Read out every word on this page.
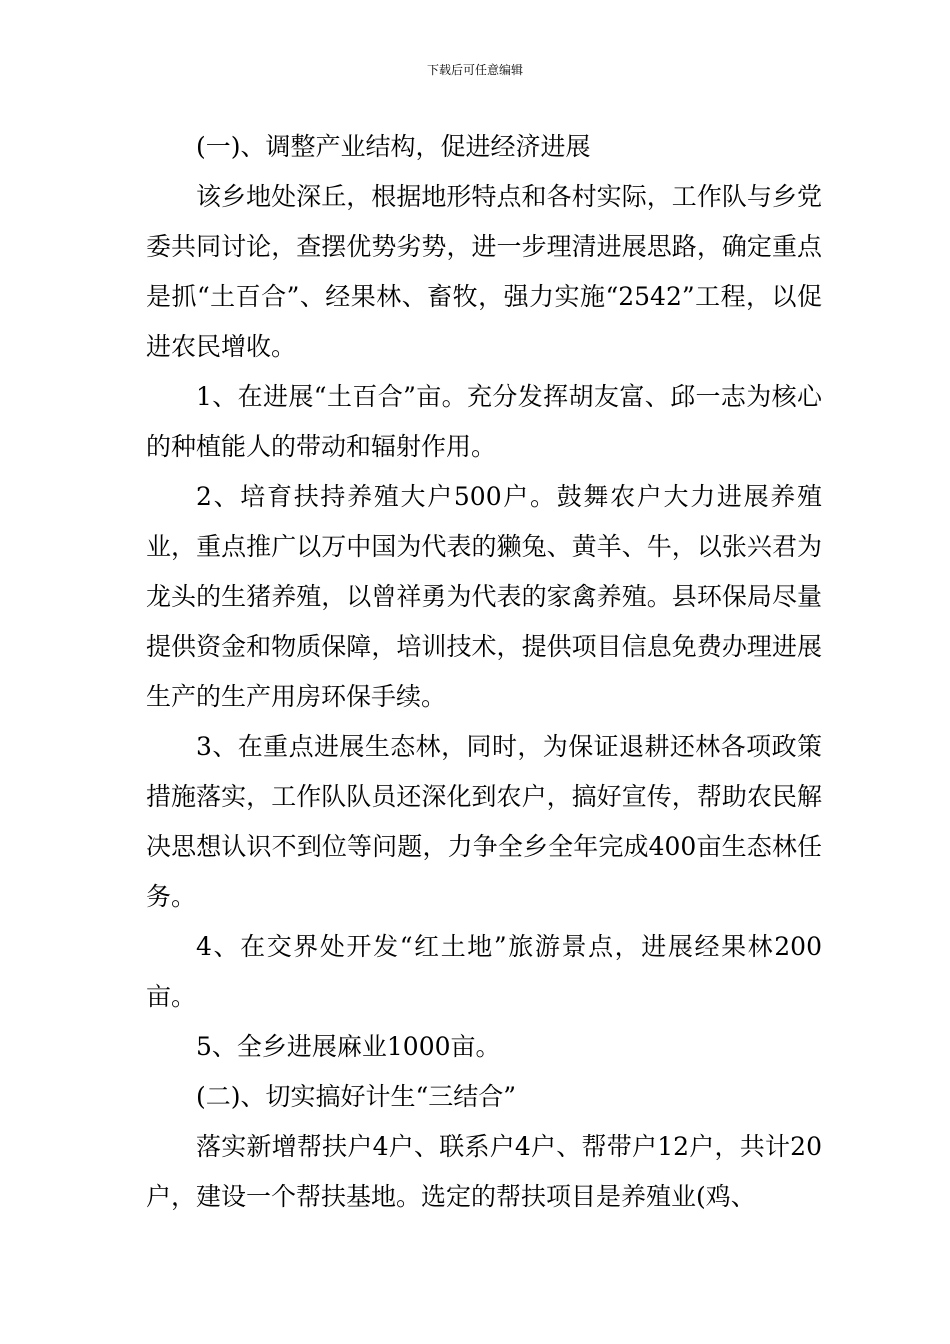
下载后可任意编辑

(一)、调整产业结构，促进经济进展

该乡地处深丘，根据地形特点和各村实际，工作队与乡党委共同讨论，查摆优势劣势，进一步理清进展思路，确定重点是抓“土百合”、经果林、畜牧，强力实施“2542”工程，以促进农民增收。

1、在进展“土百合”亩。充分发挥胡友富、邱一志为核心的种植能人的带动和辐射作用。

2、培育扶持养殖大户500户。鼓舞农户大力进展养殖业，重点推广以万中国为代表的獭兔、黄羊、牛，以张兴君为龙头的生猪养殖，以曾祥勇为代表的家禽养殖。县环保局尽量提供资金和物质保障，培训技术，提供项目信息免费办理进展生产的生产用房环保手续。

3、在重点进展生态林，同时，为保证退耕还林各项政策措施落实，工作队队员还深化到农户，搞好宣传，帮助农民解决思想认识不到位等问题，力争全乡全年完成400亩生态林任务。

4、在交界处开发“红土地”旅游景点，进展经果林200亩。

5、全乡进展麻业1000亩。

(二)、切实搞好计生“三结合”

落实新增帮扶户4户、联系户4户、帮带户12户，共计20户，建设一个帮扶基地。选定的帮扶项目是养殖业(鸡、
